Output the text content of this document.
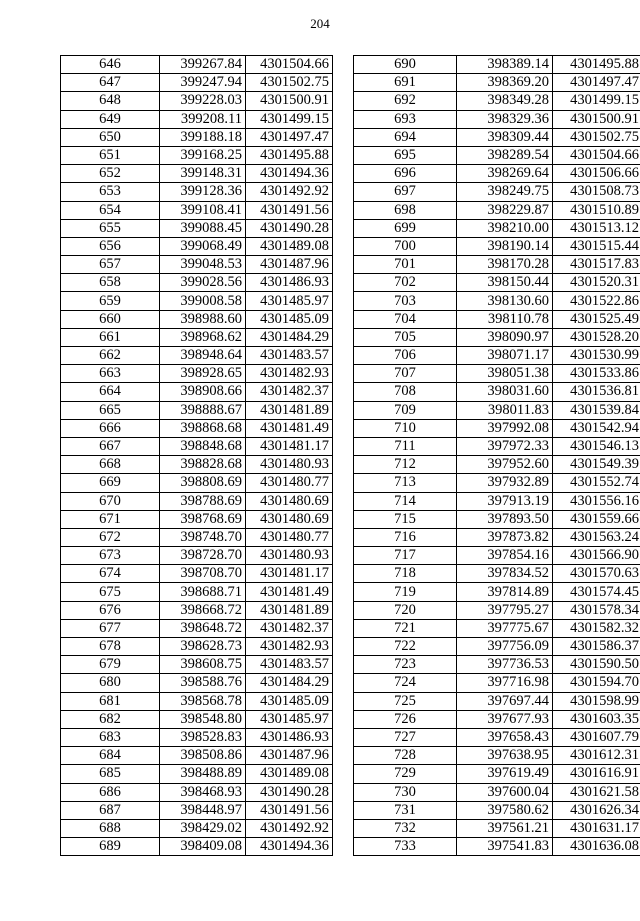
204
646	399267.84	4301504.66
647	399247.94	4301502.75
648	399228.03	4301500.91
649	399208.11	4301499.15
650	399188.18	4301497.47
651	399168.25	4301495.88
652	399148.31	4301494.36
653	399128.36	4301492.92
654	399108.41	4301491.56
655	399088.45	4301490.28
656	399068.49	4301489.08
657	399048.53	4301487.96
658	399028.56	4301486.93
659	399008.58	4301485.97
660	398988.60	4301485.09
661	398968.62	4301484.29
662	398948.64	4301483.57
663	398928.65	4301482.93
664	398908.66	4301482.37
665	398888.67	4301481.89
666	398868.68	4301481.49
667	398848.68	4301481.17
668	398828.68	4301480.93
669	398808.69	4301480.77
670	398788.69	4301480.69
671	398768.69	4301480.69
672	398748.70	4301480.77
673	398728.70	4301480.93
674	398708.70	4301481.17
675	398688.71	4301481.49
676	398668.72	4301481.89
677	398648.72	4301482.37
678	398628.73	4301482.93
679	398608.75	4301483.57
680	398588.76	4301484.29
681	398568.78	4301485.09
682	398548.80	4301485.97
683	398528.83	4301486.93
684	398508.86	4301487.96
685	398488.89	4301489.08
686	398468.93	4301490.28
687	398448.97	4301491.56
688	398429.02	4301492.92
689	398409.08	4301494.36
690	398389.14	4301495.88
691	398369.20	4301497.47
692	398349.28	4301499.15
693	398329.36	4301500.91
694	398309.44	4301502.75
695	398289.54	4301504.66
696	398269.64	4301506.66
697	398249.75	4301508.73
698	398229.87	4301510.89
699	398210.00	4301513.12
700	398190.14	4301515.44
701	398170.28	4301517.83
702	398150.44	4301520.31
703	398130.60	4301522.86
704	398110.78	4301525.49
705	398090.97	4301528.20
706	398071.17	4301530.99
707	398051.38	4301533.86
708	398031.60	4301536.81
709	398011.83	4301539.84
710	397992.08	4301542.94
711	397972.33	4301546.13
712	397952.60	4301549.39
713	397932.89	4301552.74
714	397913.19	4301556.16
715	397893.50	4301559.66
716	397873.82	4301563.24
717	397854.16	4301566.90
718	397834.52	4301570.63
719	397814.89	4301574.45
720	397795.27	4301578.34
721	397775.67	4301582.32
722	397756.09	4301586.37
723	397736.53	4301590.50
724	397716.98	4301594.70
725	397697.44	4301598.99
726	397677.93	4301603.35
727	397658.43	4301607.79
728	397638.95	4301612.31
729	397619.49	4301616.91
730	397600.04	4301621.58
731	397580.62	4301626.34
732	397561.21	4301631.17
733	397541.83	4301636.08
